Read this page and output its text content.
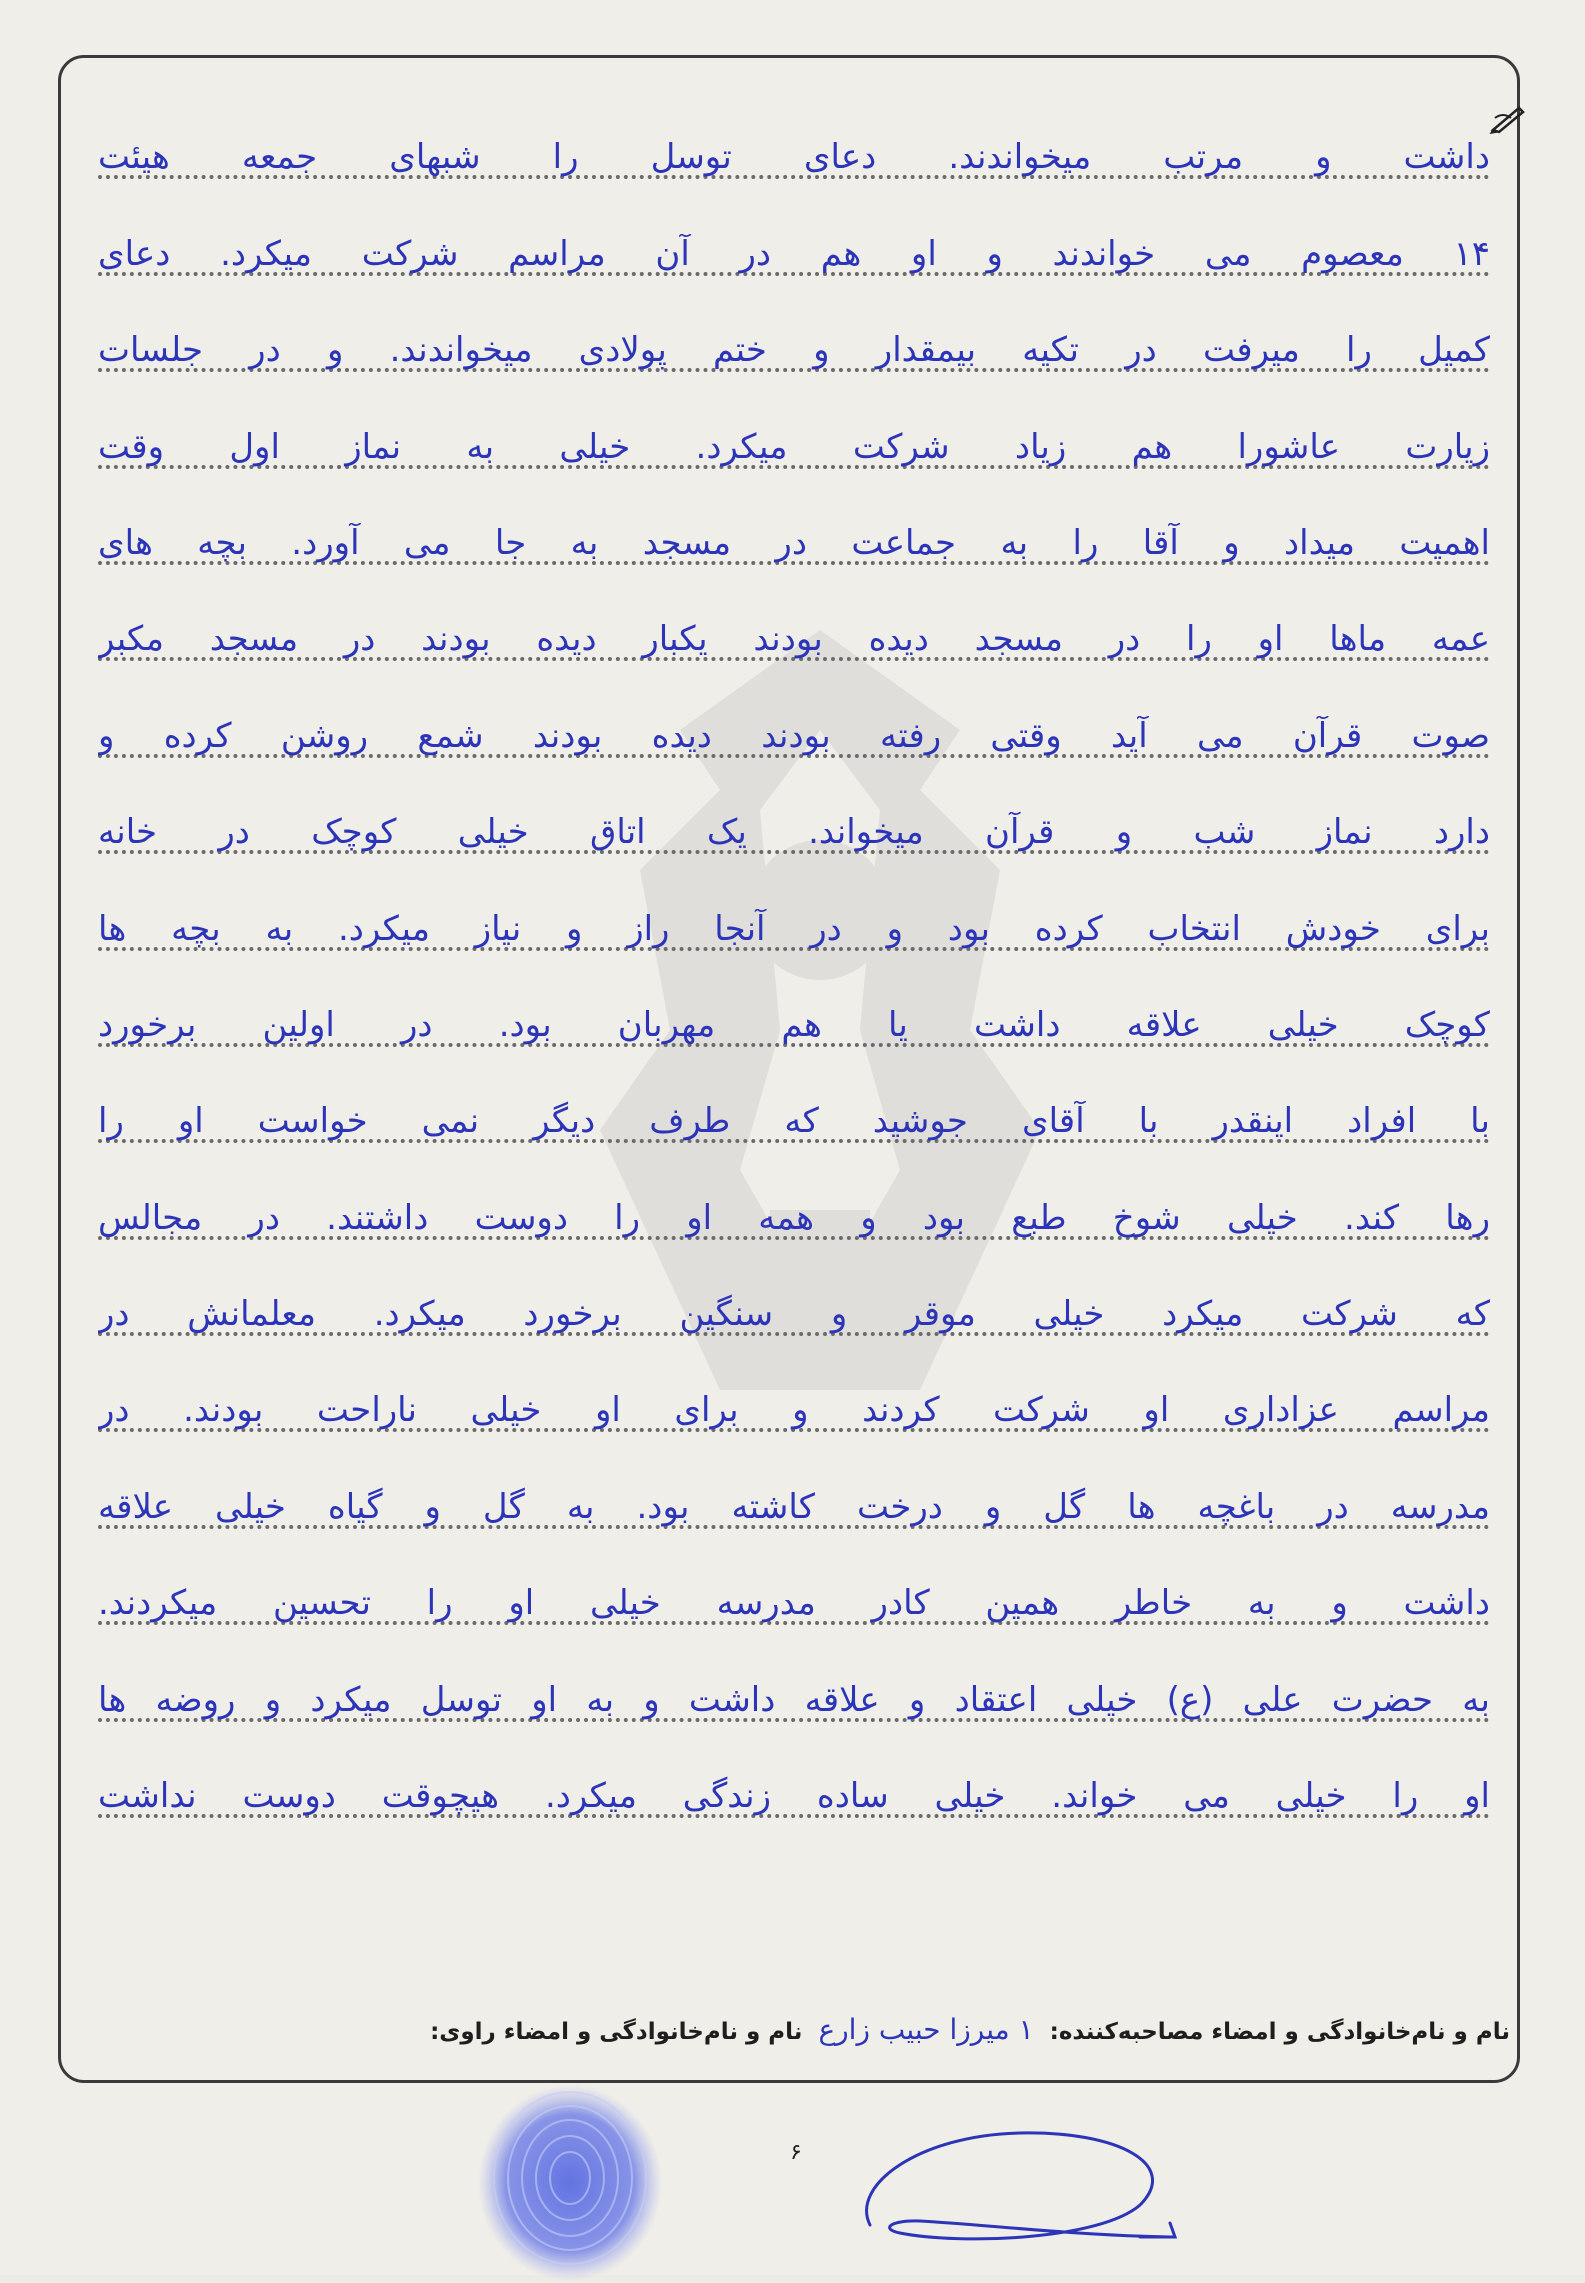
داشت و مرتب میخواندند. دعای توسل را شبهای جمعه هیئت
۱۴ معصوم می خواندند و او هم در آن مراسم شرکت میکرد. دعای
کمیل را میرفت در تکیه بیمقدار و ختم پولادی میخواندند. و در جلسات
زیارت عاشورا هم زیاد شرکت میکرد. خیلی به نماز اول وقت
اهمیت میداد و آقا را به جماعت در مسجد به جا می آورد. بچه های
عمه ماها او را در مسجد دیده بودند یکبار دیده بودند در مسجد مکبر
صوت قرآن می آید وقتی رفته بودند دیده بودند شمع روشن کرده و
دارد نماز شب و قرآن میخواند. یک اتاق خیلی کوچک در خانه
برای خودش انتخاب کرده بود و در آنجا راز و نیاز میکرد. به بچه ها
کوچک خیلی علاقه داشت یا هم مهربان بود. در اولین برخورد
با افراد اینقدر با آقای جوشید که طرف دیگر نمی خواست او را
رها کند. خیلی شوخ طبع بود و همه او را دوست داشتند. در مجالس
که شرکت میکرد خیلی موقر و سنگین برخورد میکرد. معلمانش در
مراسم عزاداری او شرکت کردند و برای او خیلی ناراحت بودند. در
مدرسه در باغچه ها گل و درخت کاشته بود. به گل و گیاه خیلی علاقه
داشت و به خاطر همین کادر مدرسه خیلی او را تحسین میکردند.
به حضرت علی (ع) خیلی اعتقاد و علاقه داشت و به او توسل میکرد و روضه ها
او را خیلی می خواند. خیلی ساده زندگی میکرد. هیچوقت دوست نداشت
نام و نام‌خانوادگی و امضاء مصاحبه‌کننده: ۱ میرزا حبیب زارع نام و نام‌خانوادگی و امضاء راوی:
۶
